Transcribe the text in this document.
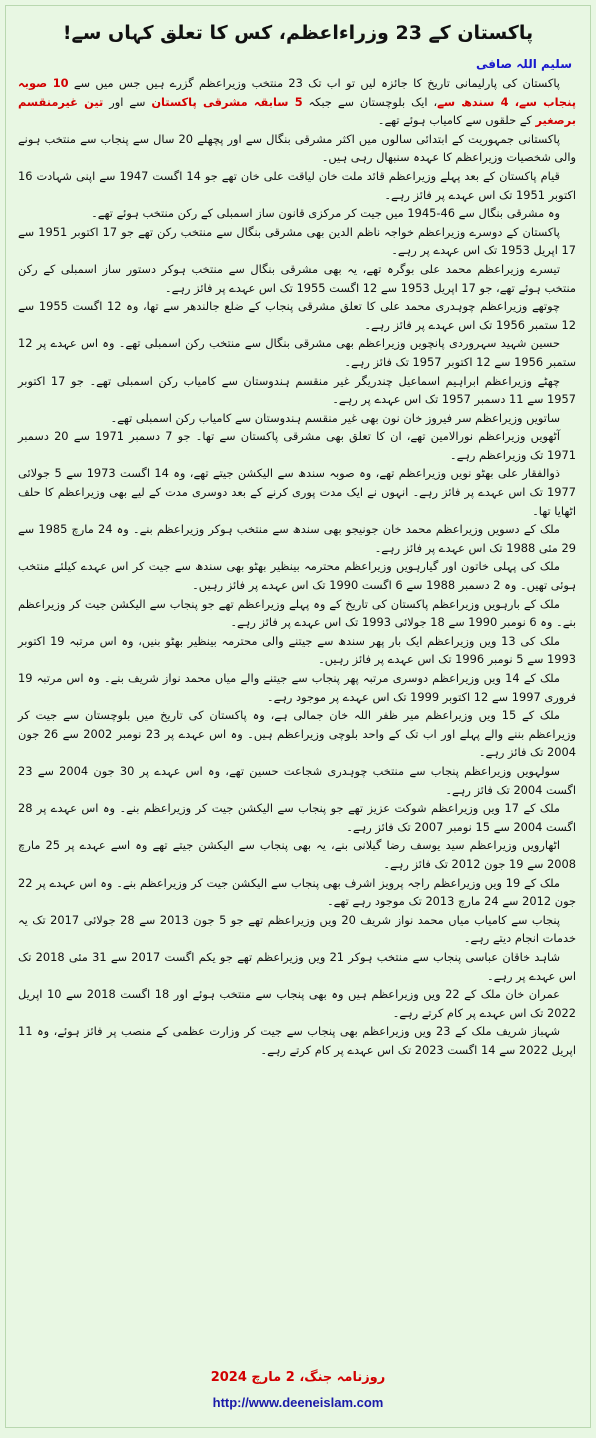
پاکستان کے 23 وزراءاعظم، کس کا تعلق کہاں سے!
سلیم اللہ صافی

پاکستان کی پارلیمانی تاریخ کا جائزہ لیں تو اب تک 23 منتخب وزیراعظم گزرے ہیں جس میں سے 10 صوبہ پنجاب سے، 4 سندھ سے، ایک بلوچستان سے جبکہ 5 سابقہ مشرقی پاکستان سے اور تین غیرمنقسم برصغیر کے حلقوں سے کامیاب ہوئے تھے۔

پاکستانی جمہوریت کے ابتدائی سالوں میں اکثر مشرقی بنگال سے اور پچھلے 20 سال سے پنجاب سے منتخب ہونے والی شخصیات وزیراعظم کا عہدہ سنبھال رہی ہیں۔

قیام پاکستان کے بعد پہلے وزیراعظم قائد ملت خان لیاقت علی خان تھے جو 14 اگست 1947 سے اپنی شہادت 16 اکتوبر 1951 تک اس عہدے پر فائز رہے۔

وہ مشرقی بنگال سے 46-1945 میں جیت کر مرکزی قانون ساز اسمبلی کے رکن منتخب ہوئے تھے۔

پاکستان کے دوسرے وزیراعظم خواجہ ناظم الدین بھی مشرقی بنگال سے منتخب رکن تھے جو 17 اکتوبر 1951 سے 17 اپریل 1953 تک اس عہدے پر رہے۔

تیسرے وزیراعظم محمد علی بوگرہ تھے، یہ بھی مشرقی بنگال سے منتخب ہوکر دستور ساز اسمبلی کے رکن منتخب ہوئے تھے، جو 17 اپریل 1953 سے 12 اگست 1955 تک اس عہدے پر فائز رہے۔

چوتھے وزیراعظم چوہدری محمد علی کا تعلق مشرقی پنجاب کے ضلع جالندھر سے تھا، وہ 12 اگست 1955 سے 12 ستمبر 1956 تک اس عہدے پر فائز رہے۔

حسین شہید سہروردی پانچویں وزیراعظم بھی مشرقی بنگال سے منتخب رکن اسمبلی تھے۔ وہ اس عہدے پر 12 ستمبر 1956 سے 12 اکتوبر 1957 تک فائز رہے۔

چھٹے وزیراعظم ابراہیم اسماعیل چندریگر غیر منقسم ہندوستان سے کامیاب رکن اسمبلی تھے۔ جو 17 اکتوبر 1957 سے 11 دسمبر 1957 تک اس عہدے پر رہے۔

ساتویں وزیراعظم سر فیروز خان نون بھی غیر منقسم ہندوستان سے کامیاب رکن اسمبلی تھے۔

آٹھویں وزیراعظم نورالامین تھے، ان کا تعلق بھی مشرقی پاکستان سے تھا۔ جو 7 دسمبر 1971 سے 20 دسمبر 1971 تک وزیراعظم رہے۔

ذوالفقار علی بھٹو نویں وزیراعظم تھے، وہ صوبہ سندھ سے الیکشن جیتے تھے، وہ 14 اگست 1973 سے 5 جولائی 1977 تک اس عہدے پر فائز رہے۔ انہوں نے ایک مدت پوری کرنے کے بعد دوسری مدت کے لیے بھی وزیراعظم کا حلف اٹھایا تھا۔

ملک کے دسویں وزیراعظم محمد خان جونیجو بھی سندھ سے منتخب ہوکر وزیراعظم بنے۔ وہ 24 مارچ 1985 سے 29 مئی 1988 تک اس عہدے پر فائز رہے۔

ملک کی پہلی خاتون اور گیارہویں وزیراعظم محترمہ بینظیر بھٹو بھی سندھ سے جیت کر اس عہدے کیلئے منتخب ہوئی تھیں۔ وہ 2 دسمبر 1988 سے 6 اگست 1990 تک اس عہدے پر فائز رہیں۔

ملک کے بارہویں وزیراعظم پاکستان کی تاریخ کے وہ پہلے وزیراعظم تھے جو پنجاب سے الیکشن جیت کر وزیراعظم بنے۔ وہ 6 نومبر 1990 سے 18 جولائی 1993 تک اس عہدے پر فائز رہے۔

ملک کی 13 ویں وزیراعظم ایک بار پھر سندھ سے جیتنے والی محترمہ بینظیر بھٹو بنیں، وہ اس مرتبہ 19 اکتوبر 1993 سے 5 نومبر 1996 تک اس عہدے پر فائز رہیں۔

ملک کے 14 ویں وزیراعظم دوسری مرتبہ پھر پنجاب سے جیتنے والے میاں محمد نواز شریف بنے۔ وہ اس مرتبہ 19 فروری 1997 سے 12 اکتوبر 1999 تک اس عہدے پر موجود رہے۔

ملک کے 15 ویں وزیراعظم میر ظفر اللہ خان جمالی ہے، وہ پاکستان کی تاریخ میں بلوچستان سے جیت کر وزیراعظم بننے والے پہلے اور اب تک کے واحد بلوچی وزیراعظم ہیں۔ وہ اس عہدے پر 23 نومبر 2002 سے 26 جون 2004 تک فائز رہے۔

سولہویں وزیراعظم پنجاب سے منتخب چوہدری شجاعت حسین تھے، وہ اس عہدے پر 30 جون 2004 سے 23 اگست 2004 تک فائز رہے۔

ملک کے 17 ویں وزیراعظم شوکت عزیز تھے جو پنجاب سے الیکشن جیت کر وزیراعظم بنے۔ وہ اس عہدے پر 28 اگست 2004 سے 15 نومبر 2007 تک فائز رہے۔

اٹھارویں وزیراعظم سید یوسف رضا گیلانی بنے، یہ بھی پنجاب سے الیکشن جیتے تھے وہ اسے عہدے پر 25 مارچ 2008 سے 19 جون 2012 تک فائز رہے۔

ملک کے 19 ویں وزیراعظم راجہ پرویز اشرف بھی پنجاب سے الیکشن جیت کر وزیراعظم بنے۔ وہ اس عہدے پر 22 جون 2012 سے 24 مارچ 2013 تک موجود رہے تھے۔

پنجاب سے کامیاب میاں محمد نواز شریف 20 ویں وزیراعظم تھے جو 5 جون 2013 سے 28 جولائی 2017 تک یہ خدمات انجام دیتے رہے۔

شاہد خاقان عباسی پنجاب سے منتخب ہوکر 21 ویں وزیراعظم تھے جو یکم اگست 2017 سے 31 مئی 2018 تک اس عہدے پر رہے۔

عمران خان ملک کے 22 ویں وزیراعظم ہیں وہ بھی پنجاب سے منتخب ہوئے اور 18 اگست 2018 سے 10 اپریل 2022 تک اس عہدے پر کام کرتے رہے۔

شہباز شریف ملک کے 23 ویں وزیراعظم بھی پنجاب سے جیت کر وزارت عظمی کے منصب پر فائز ہوئے، وہ 11 اپریل 2022 سے 14 اگست 2023 تک اس عہدے پر کام کرتے رہے۔

روزنامہ جنگ، 2 مارچ 2024
http://www.deeneislam.com
